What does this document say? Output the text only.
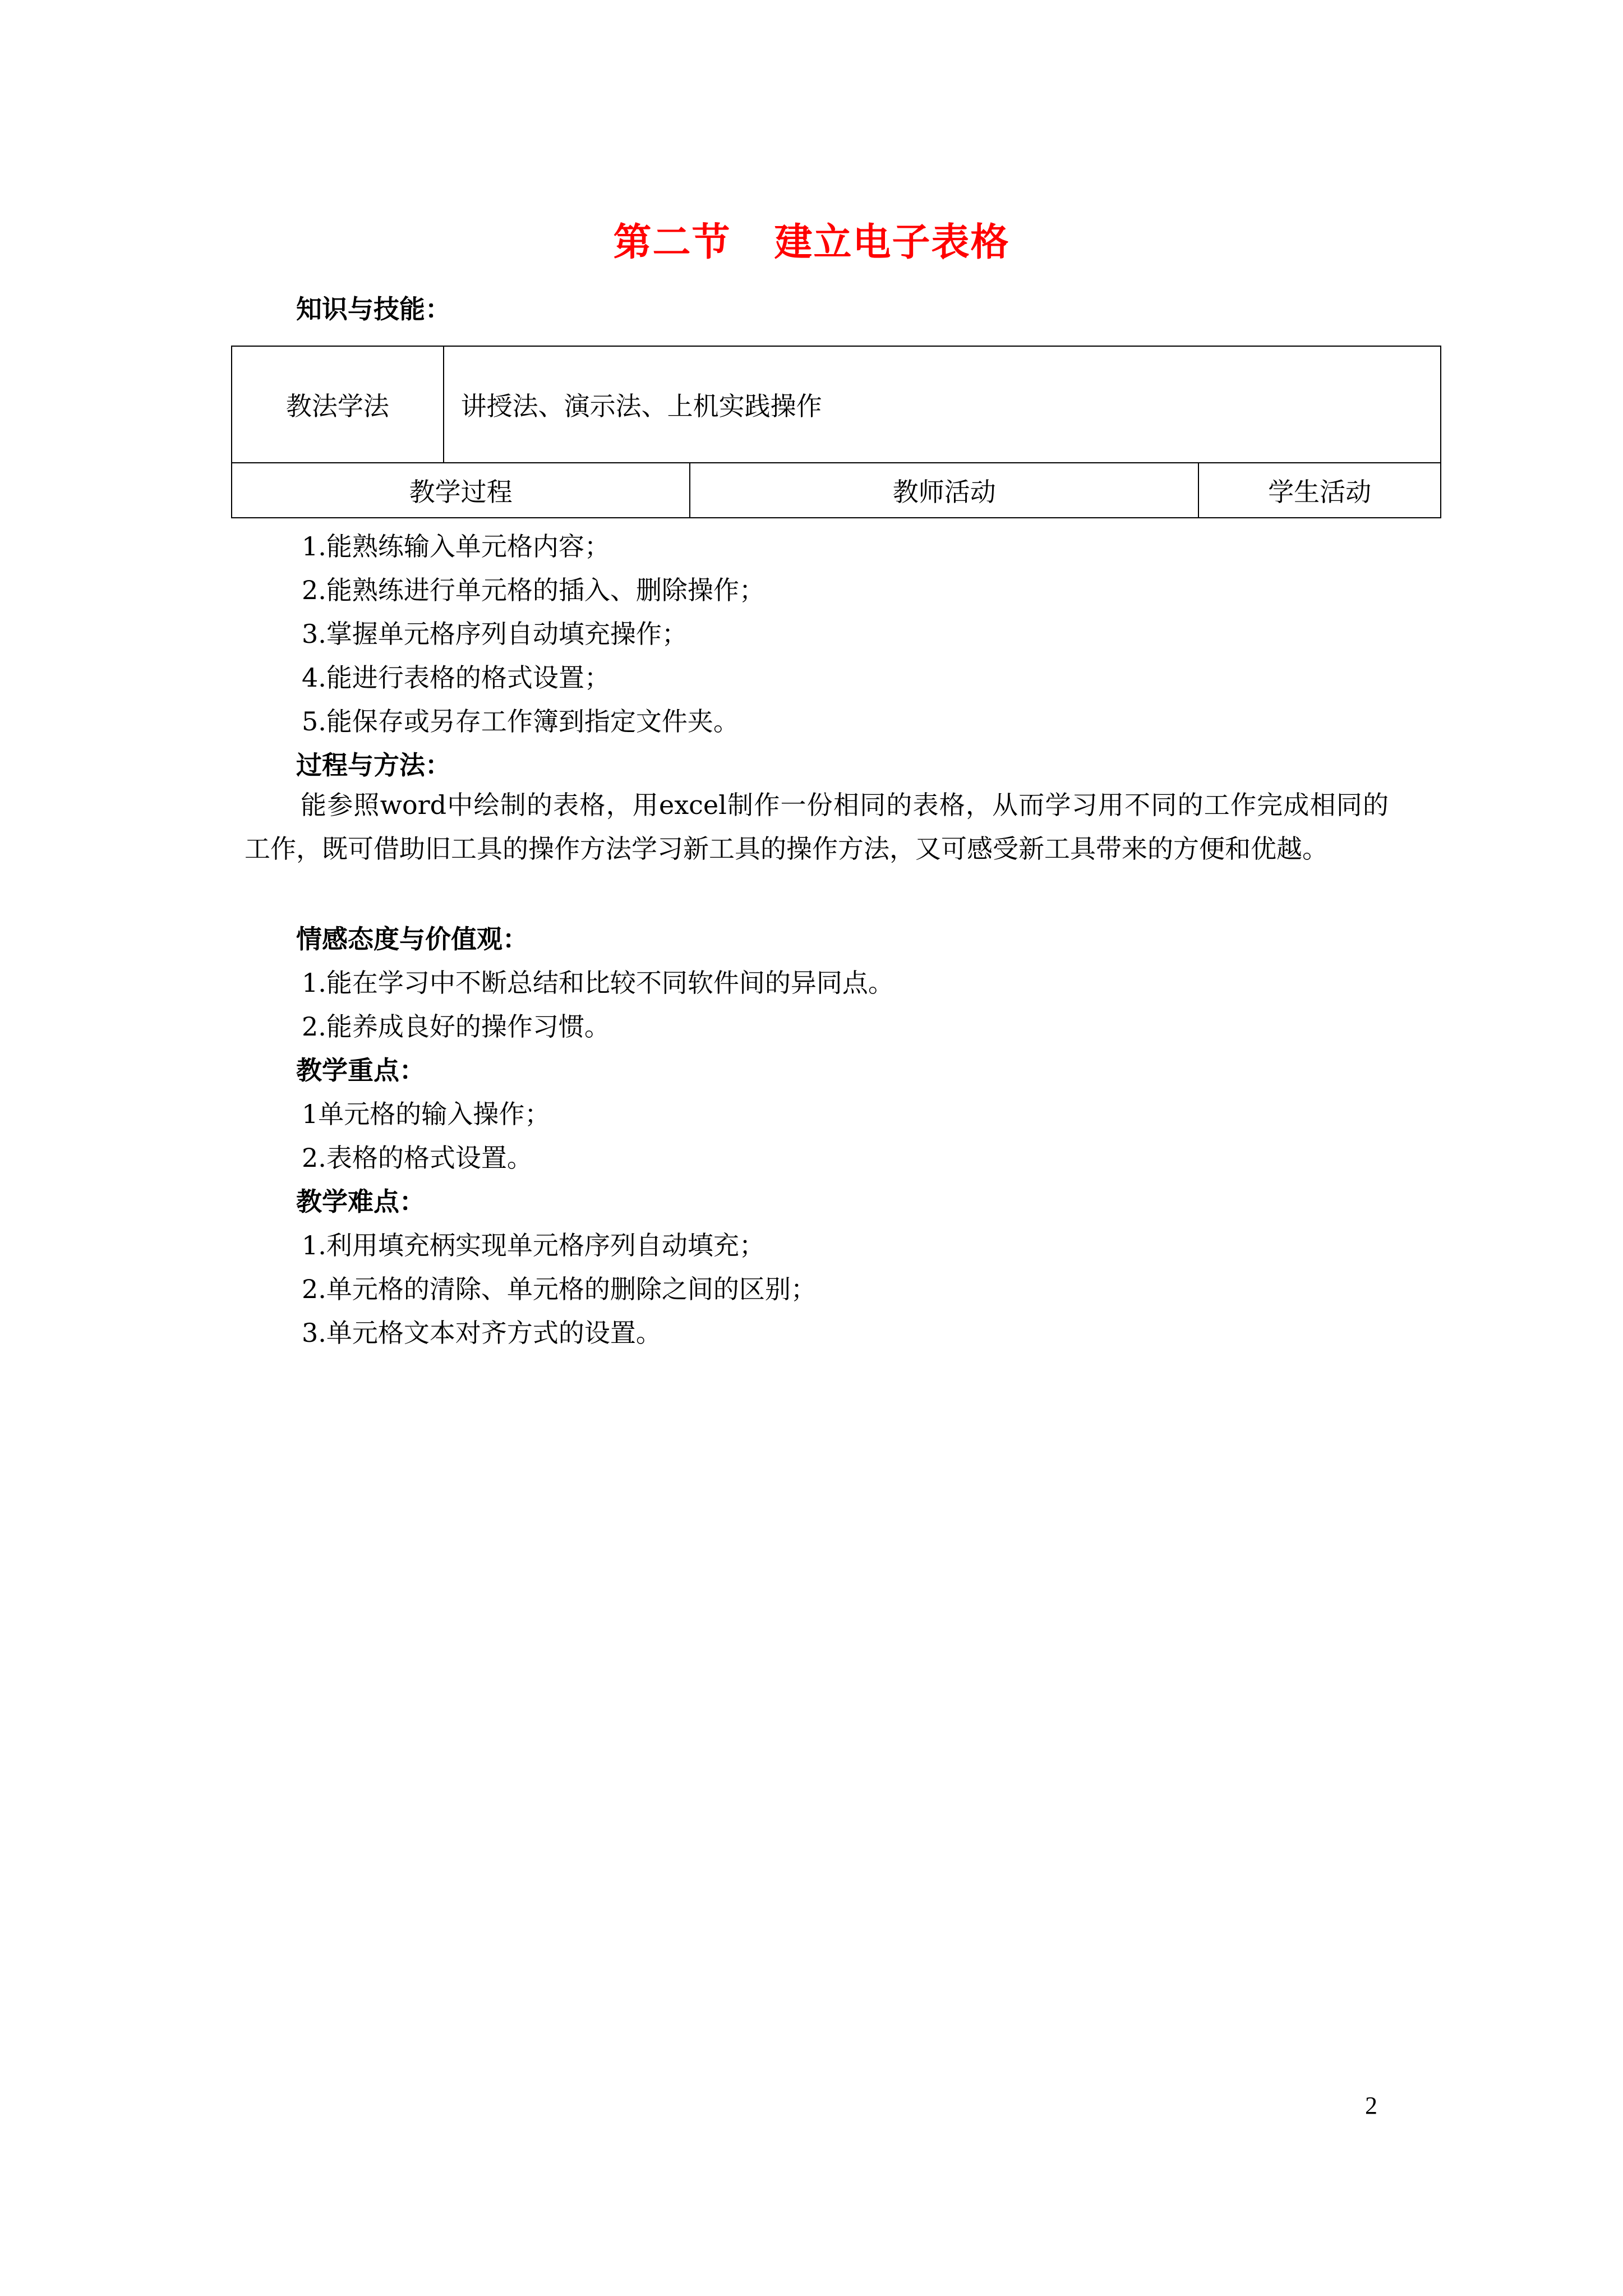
第二节   建立电子表格
知识与技能：
教法学法	讲授法、演示法、上机实践操作		
教学过程		教师活动	学生活动
1.能熟练输入单元格内容；
2.能熟练进行单元格的插入、删除操作；
3.掌握单元格序列自动填充操作；
4.能进行表格的格式设置；
5.能保存或另存工作簿到指定文件夹。
过程与方法：
能参照word中绘制的表格，用excel制作一份相同的表格，从而学习用不同的工作完成相同的工作，既可借助旧工具的操作方法学习新工具的操作方法，又可感受新工具带来的方便和优越。
情感态度与价值观：
1.能在学习中不断总结和比较不同软件间的异同点。
2.能养成良好的操作习惯。
教学重点：
1单元格的输入操作；
2.表格的格式设置。
教学难点：
1.利用填充柄实现单元格序列自动填充；
2.单元格的清除、单元格的删除之间的区别；
3.单元格文本对齐方式的设置。
2
